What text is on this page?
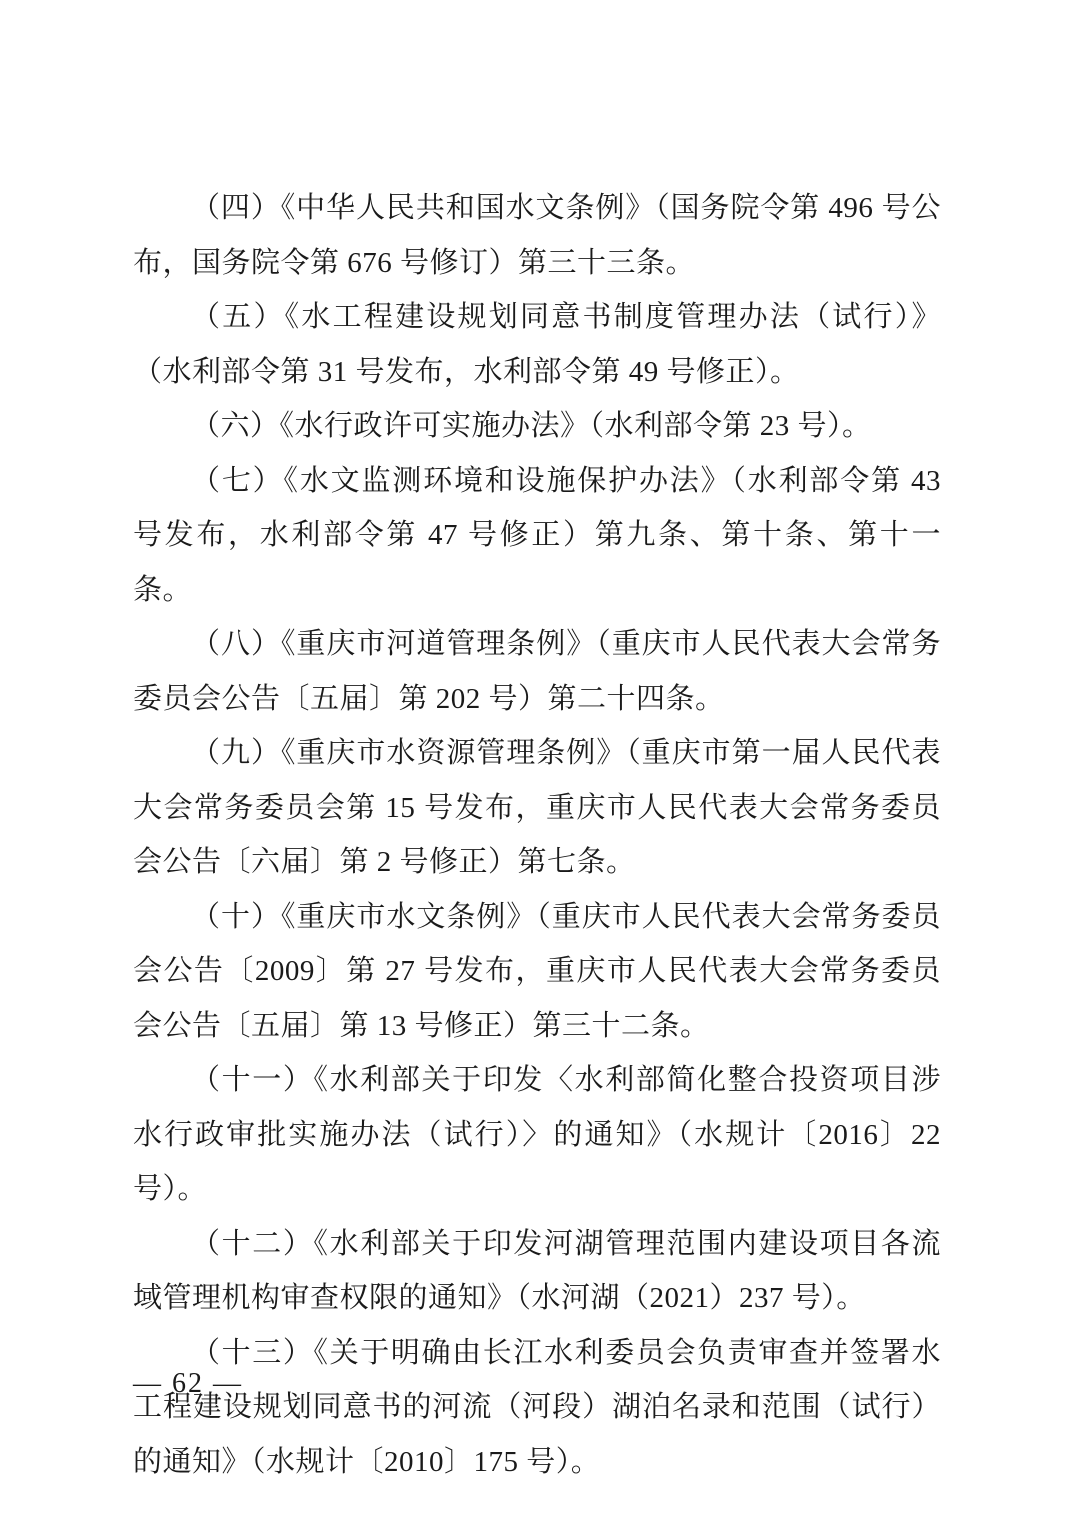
（四）《中华人民共和国水文条例》（国务院令第 496 号公布，国务院令第 676 号修订）第三十三条。

（五）《水工程建设规划同意书制度管理办法（试行）》（水利部令第 31 号发布，水利部令第 49 号修正）。

（六）《水行政许可实施办法》（水利部令第 23 号）。

（七）《水文监测环境和设施保护办法》（水利部令第 43 号发布，水利部令第 47 号修正）第九条、第十条、第十一条。

（八）《重庆市河道管理条例》（重庆市人民代表大会常务委员会公告〔五届〕第 202 号）第二十四条。

（九）《重庆市水资源管理条例》（重庆市第一届人民代表大会常务委员会第 15 号发布，重庆市人民代表大会常务委员会公告〔六届〕第 2 号修正）第七条。

（十）《重庆市水文条例》（重庆市人民代表大会常务委员会公告〔2009〕第 27 号发布，重庆市人民代表大会常务委员会公告〔五届〕第 13 号修正）第三十二条。

（十一）《水利部关于印发〈水利部简化整合投资项目涉水行政审批实施办法（试行）〉的通知》（水规计〔2016〕22 号）。

（十二）《水利部关于印发河湖管理范围内建设项目各流域管理机构审查权限的通知》（水河湖（2021）237 号）。

（十三）《关于明确由长江水利委员会负责审查并签署水工程建设规划同意书的河流（河段）湖泊名录和范围（试行）的通知》（水规计〔2010〕175 号）。

— 62 —
